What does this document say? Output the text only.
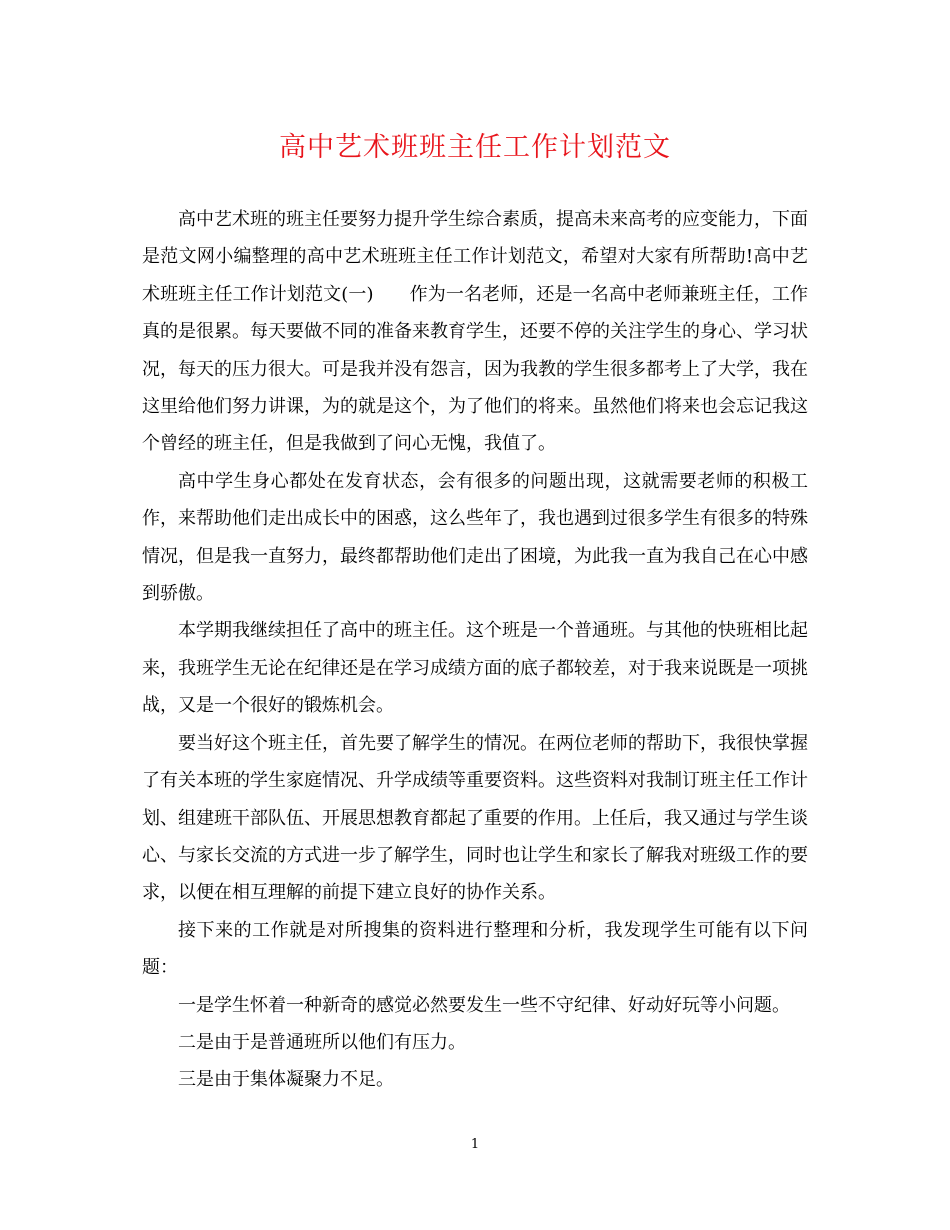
高中艺术班班主任工作计划范文

高中艺术班的班主任要努力提升学生综合素质，提高未来高考的应变能力，下面是范文网小编整理的高中艺术班班主任工作计划范文，希望对大家有所帮助!高中艺术班班主任工作计划范文(一) 作为一名老师，还是一名高中老师兼班主任，工作真的是很累。每天要做不同的准备来教育学生，还要不停的关注学生的身心、学习状况，每天的压力很大。可是我并没有怨言，因为我教的学生很多都考上了大学，我在这里给他们努力讲课，为的就是这个，为了他们的将来。虽然他们将来也会忘记我这个曾经的班主任，但是我做到了问心无愧，我值了。

高中学生身心都处在发育状态，会有很多的问题出现，这就需要老师的积极工作，来帮助他们走出成长中的困惑，这么些年了，我也遇到过很多学生有很多的特殊情况，但是我一直努力，最终都帮助他们走出了困境，为此我一直为我自己在心中感到骄傲。

本学期我继续担任了高中的班主任。这个班是一个普通班。与其他的快班相比起来，我班学生无论在纪律还是在学习成绩方面的底子都较差，对于我来说既是一项挑战，又是一个很好的锻炼机会。

要当好这个班主任，首先要了解学生的情况。在两位老师的帮助下，我很快掌握了有关本班的学生家庭情况、升学成绩等重要资料。这些资料对我制订班主任工作计划、组建班干部队伍、开展思想教育都起了重要的作用。上任后，我又通过与学生谈心、与家长交流的方式进一步了解学生，同时也让学生和家长了解我对班级工作的要求，以便在相互理解的前提下建立良好的协作关系。

接下来的工作就是对所搜集的资料进行整理和分析，我发现学生可能有以下问题：

一是学生怀着一种新奇的感觉必然要发生一些不守纪律、好动好玩等小问题。

二是由于是普通班所以他们有压力。

三是由于集体凝聚力不足。

1
